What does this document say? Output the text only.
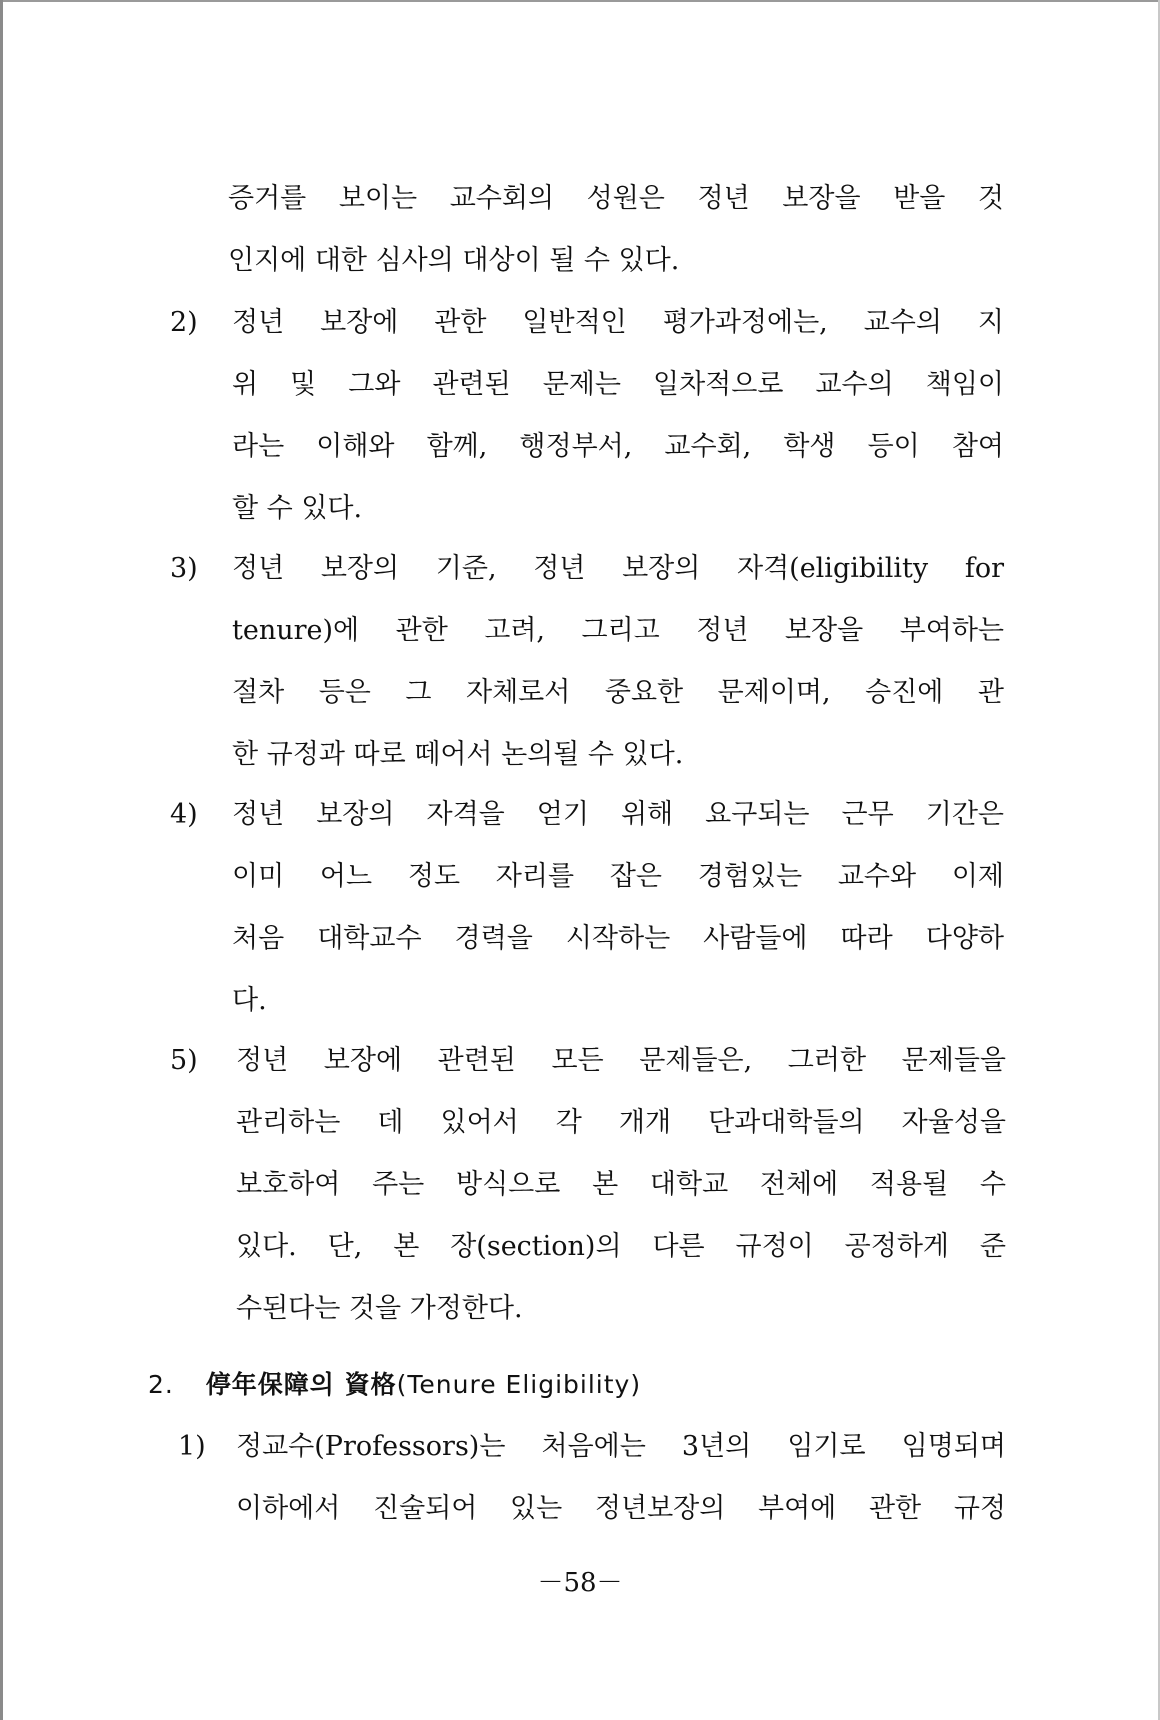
증거를 보이는 교수회의 성원은 정년 보장을 받을 것
인지에 대한 심사의 대상이 될 수 있다.
2) 정년 보장에 관한 일반적인 평가과정에는, 교수의 지
위 및 그와 관련된 문제는 일차적으로 교수의 책임이
라는 이해와 함께, 행정부서, 교수회, 학생 등이 참여
할 수 있다.
3) 정년 보장의 기준, 정년 보장의 자격(eligibility for
tenure)에 관한 고려, 그리고 정년 보장을 부여하는
절차 등은 그 자체로서 중요한 문제이며, 승진에 관
한 규정과 따로 떼어서 논의될 수 있다.
4) 정년 보장의 자격을 얻기 위해 요구되는 근무 기간은
이미 어느 정도 자리를 잡은 경험있는 교수와 이제
처음 대학교수 경력을 시작하는 사람들에 따라 다양하
다.
5) 정년 보장에 관련된 모든 문제들은, 그러한 문제들을
관리하는 데 있어서 각 개개 단과대학들의 자율성을
보호하여 주는 방식으로 본 대학교 전체에 적용될 수
있다. 단, 본 장(section)의 다른 규정이 공정하게 준
수된다는 것을 가정한다.
2. 停年保障의 資格(Tenure Eligibility)
1) 정교수(Professors)는 처음에는 3년의 임기로 임명되며
이하에서 진술되어 있는 정년보장의 부여에 관한 규정
－58－
